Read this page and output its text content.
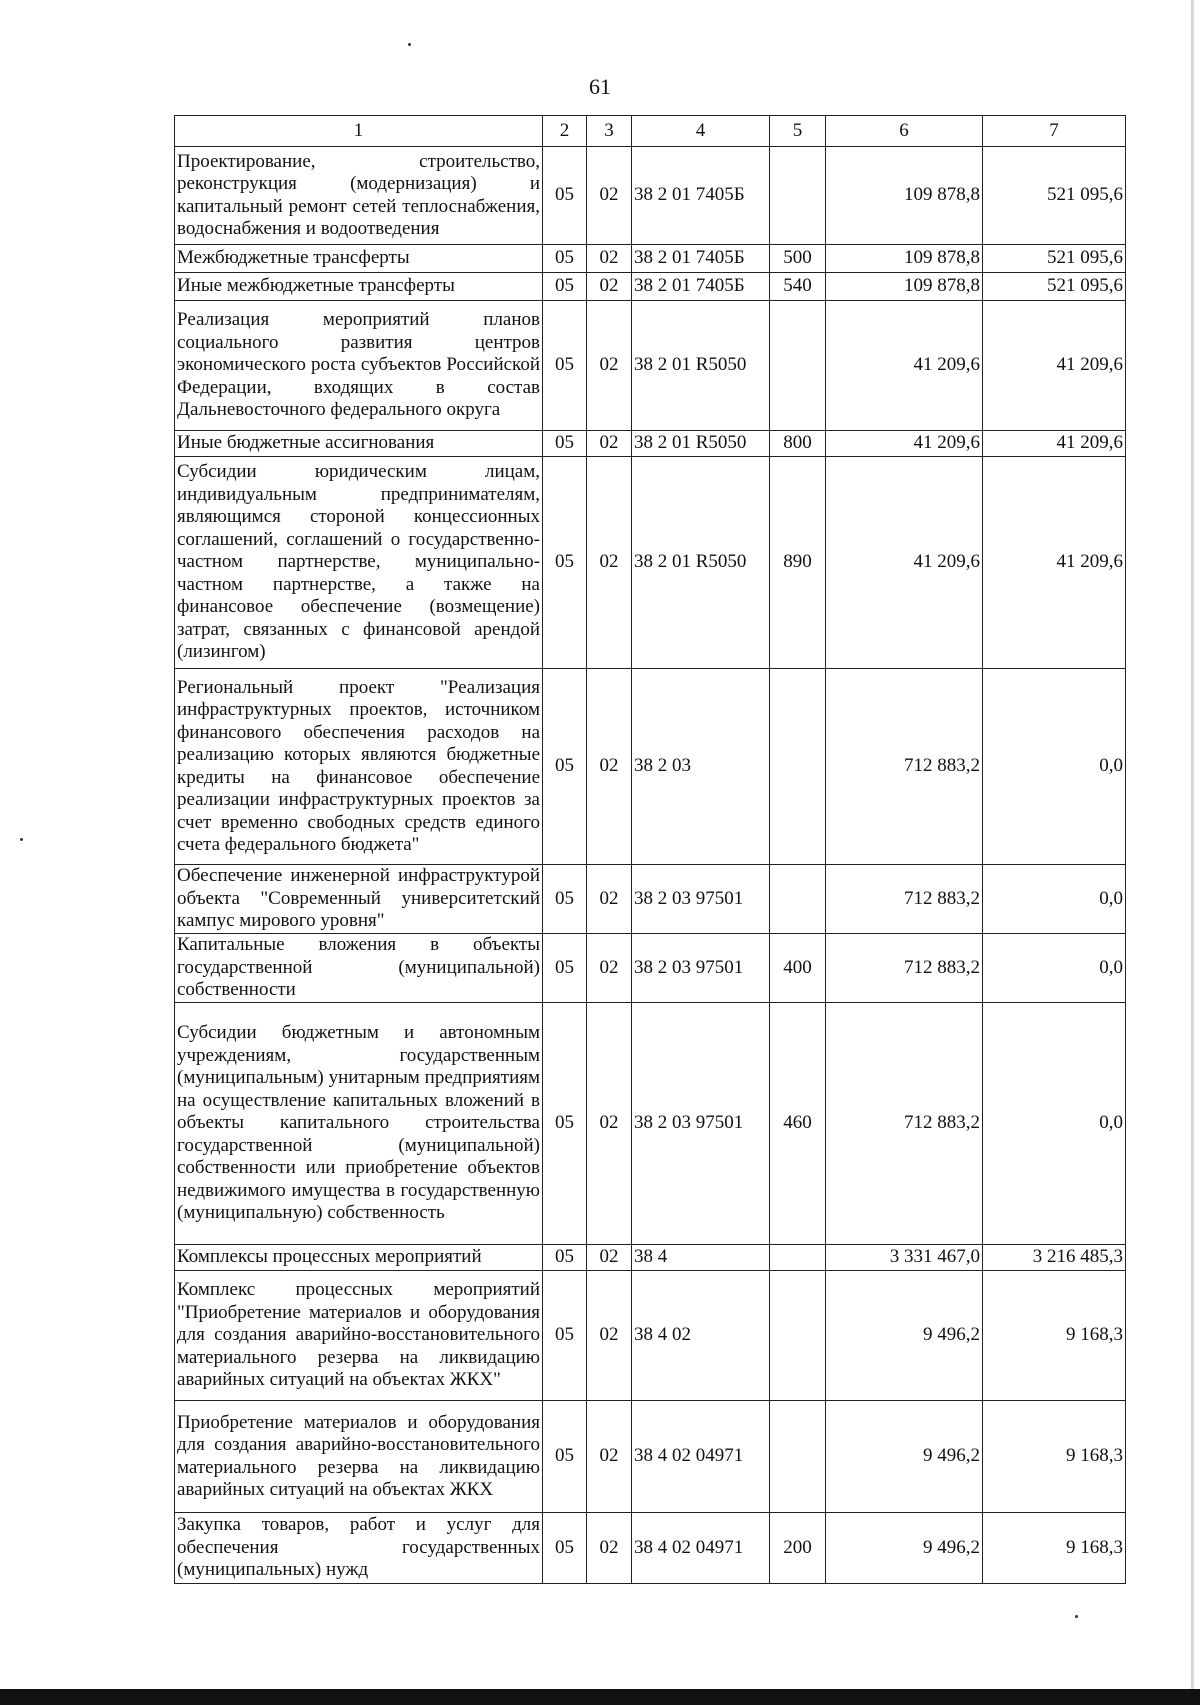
61
1	2	3	4	5	6	7
Проектирование, строительство, реконструкция (модернизация) и капитальный ремонт сетей теплоснабжения, водоснабжения и водоотведения	05	02	38 2 01 7405Б		109 878,8	521 095,6
Межбюджетные трансферты	05	02	38 2 01 7405Б	500	109 878,8	521 095,6
Иные межбюджетные трансферты	05	02	38 2 01 7405Б	540	109 878,8	521 095,6
Реализация мероприятий планов социального развития центров экономического роста субъектов Российской Федерации, входящих в состав Дальневосточного федерального округа	05	02	38 2 01 R5050		41 209,6	41 209,6
Иные бюджетные ассигнования	05	02	38 2 01 R5050	800	41 209,6	41 209,6
Субсидии юридическим лицам, индивидуальным предпринимателям, являющимся стороной концессионных соглашений, соглашений о государственно-частном партнерстве, муниципально-частном партнерстве, а также на финансовое обеспечение (возмещение) затрат, связанных с финансовой арендой (лизингом)	05	02	38 2 01 R5050	890	41 209,6	41 209,6
Региональный проект "Реализация инфраструктурных проектов, источником финансового обеспечения расходов на реализацию которых являются бюджетные кредиты на финансовое обеспечение реализации инфраструктурных проектов за счет временно свободных средств единого счета федерального бюджета"	05	02	38 2 03		712 883,2	0,0
Обеспечение инженерной инфраструктурой объекта "Современный университетский кампус мирового уровня"	05	02	38 2 03 97501		712 883,2	0,0
Капитальные вложения в объекты государственной (муниципальной) собственности	05	02	38 2 03 97501	400	712 883,2	0,0
Субсидии бюджетным и автономным учреждениям, государственным (муниципальным) унитарным предприятиям на осуществление капитальных вложений в объекты капитального строительства государственной (муниципальной) собственности или приобретение объектов недвижимого имущества в государственную (муниципальную) собственность	05	02	38 2 03 97501	460	712 883,2	0,0
Комплексы процессных мероприятий	05	02	38 4		3 331 467,0	3 216 485,3
Комплекс процессных мероприятий "Приобретение материалов и оборудования для создания аварийно-восстановительного материального резерва на ликвидацию аварийных ситуаций на объектах ЖКХ"	05	02	38 4 02		9 496,2	9 168,3
Приобретение материалов и оборудования для создания аварийно-восстановительного материального резерва на ликвидацию аварийных ситуаций на объектах ЖКХ	05	02	38 4 02 04971		9 496,2	9 168,3
Закупка товаров, работ и услуг для обеспечения государственных (муниципальных) нужд	05	02	38 4 02 04971	200	9 496,2	9 168,3
